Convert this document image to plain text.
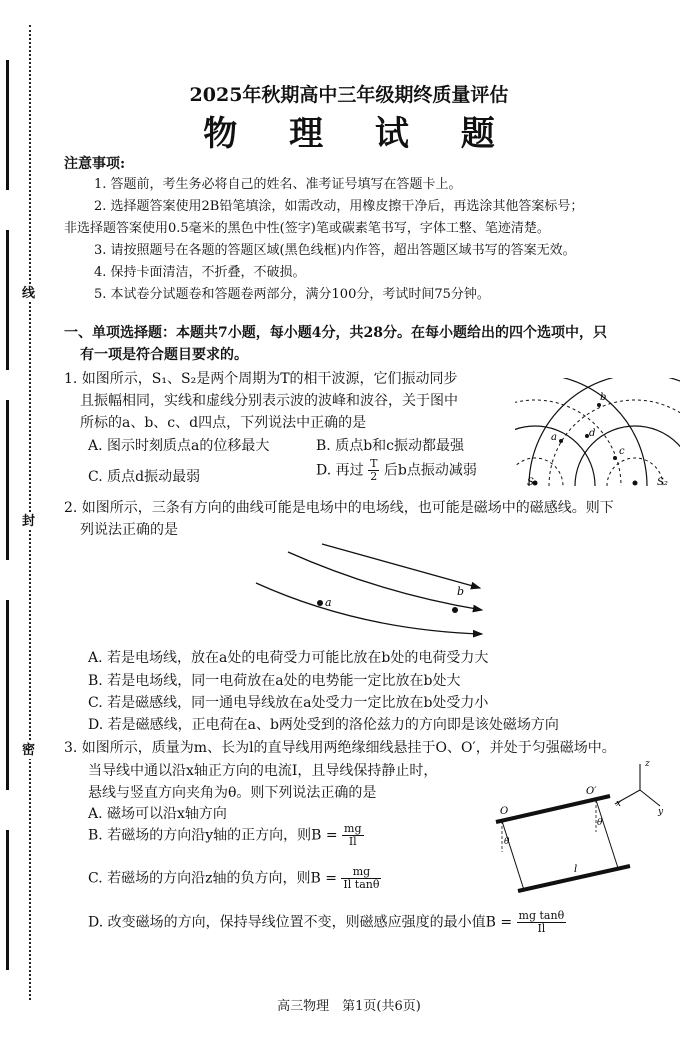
线
封
密
2025年秋期高中三年级期终质量评估
物 理 试 题
注意事项:
1. 答题前，考生务必将自己的姓名、准考证号填写在答题卡上。
2. 选择题答案使用2B铅笔填涂，如需改动，用橡皮擦干净后，再选涂其他答案标号；
非选择题答案使用0.5毫米的黑色中性(签字)笔或碳素笔书写，字体工整、笔迹清楚。
3. 请按照题号在各题的答题区域(黑色线框)内作答，超出答题区域书写的答案无效。
4. 保持卡面清洁，不折叠，不破损。
5. 本试卷分试题卷和答题卷两部分，满分100分，考试时间75分钟。
一、单项选择题：本题共7小题，每小题4分，共28分。在每小题给出的四个选项中，只
有一项是符合题目要求的。
1. 如图所示，S₁、S₂是两个周期为T的相干波源，它们振动同步
且振幅相同，实线和虚线分别表示波的波峰和波谷，关于图中
所标的a、b、c、d四点，下列说法中正确的是
A. 图示时刻质点a的位移最大	B. 质点b和c振动都最强
C. 质点d振动最弱	D. 再过 $\frac{T}{2}$ 后b点振动减弱
S₁	S₂
a
b
c
d
2. 如图所示，三条有方向的曲线可能是电场中的电场线，也可能是磁场中的磁感线。则下
列说法正确的是
a
b
A. 若是电场线，放在a处的电荷受力可能比放在b处的电荷受力大
B. 若是电场线，同一电荷放在a处的电势能一定比放在b处大
C. 若是磁感线，同一通电导线放在a处受力一定比放在b处受力小
D. 若是磁感线，正电荷在a、b两处受到的洛伦兹力的方向即是该处磁场方向
3. 如图所示，质量为m、长为l的直导线用两绝缘细线悬挂于O、O′，并处于匀强磁场中。
当导线中通以沿x轴正方向的电流I，且导线保持静止时，
悬线与竖直方向夹角为θ。则下列说法正确的是
A. 磁场可以沿x轴方向
B. 若磁场的方向沿y轴的正方向，则$B = \frac{mg}{Il}$
C. 若磁场的方向沿z轴的负方向，则$B = \frac{mg}{\text{Il tanθ}}$
D. 改变磁场的方向，保持导线位置不变，则磁感应强度的最小值$B = \frac{\text{mg tanθ}}{Il}$
z
x
y
O
O′
θ
θ
l
高三物理　第1页(共6页)
